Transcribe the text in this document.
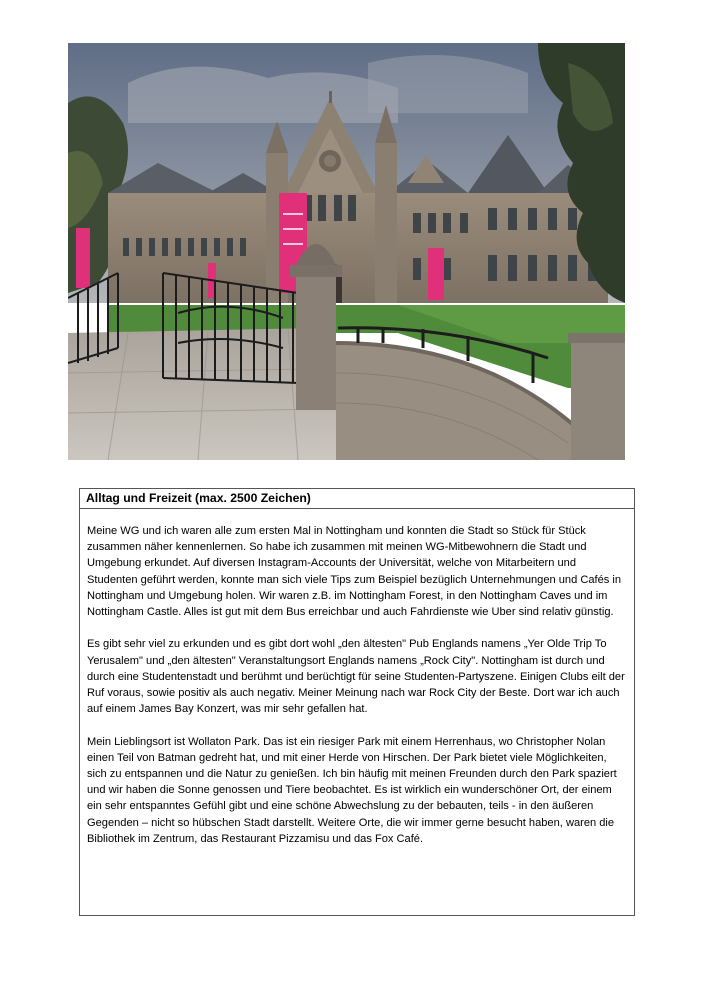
Alltag und Freizeit (max. 2500 Zeichen)

Meine WG und ich waren alle zum ersten Mal in Nottingham und konnten die Stadt so Stück für Stück zusammen näher kennenlernen. So habe ich zusammen mit meinen WG-Mitbewohnern die Stadt und Umgebung erkundet. Auf diversen Instagram-Accounts der Universität, welche von Mitarbeitern und Studenten geführt werden, konnte man sich viele Tips zum Beispiel bezüglich Unternehmungen und Cafés in Nottingham und Umgebung holen. Wir waren z.B. im Nottingham Forest, in den Nottingham Caves und im Nottingham Castle. Alles ist gut mit dem Bus erreichbar und auch Fahrdienste wie Uber sind relativ günstig.

Es gibt sehr viel zu erkunden und es gibt dort wohl „den ältesten" Pub Englands namens „Yer Olde Trip To Yerusalem" und „den ältesten" Veranstaltungsort Englands namens „Rock City". Nottingham ist durch und durch eine Studentenstadt und berühmt und berüchtigt für seine Studenten-Partyszene. Einigen Clubs eilt der Ruf voraus, sowie positiv als auch negativ. Meiner Meinung nach war Rock City der Beste. Dort war ich auch auf einem James Bay Konzert, was mir sehr gefallen hat.

Mein Lieblingsort ist Wollaton Park. Das ist ein riesiger Park mit einem Herrenhaus, wo Christopher Nolan einen Teil von Batman gedreht hat, und mit einer Herde von Hirschen. Der Park bietet viele Möglichkeiten, sich zu entspannen und die Natur zu genießen. Ich bin häufig mit meinen Freunden durch den Park spaziert und wir haben die Sonne genossen und Tiere beobachtet. Es ist wirklich ein wunderschöner Ort, der einem ein sehr entspanntes Gefühl gibt und eine schöne Abwechslung zu der bebauten, teils - in den äußeren Gegenden – nicht so hübschen Stadt darstellt. Weitere Orte, die wir immer gerne besucht haben, waren die Bibliothek im Zentrum, das Restaurant Pizzamisu und das Fox Café.
